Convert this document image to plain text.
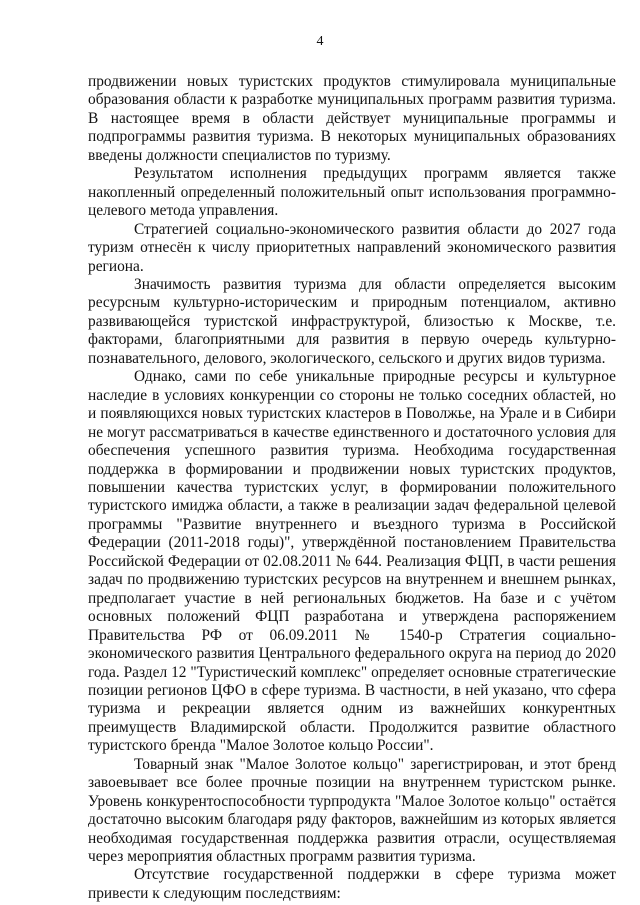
4

продвижении новых туристских продуктов стимулировала муниципальные образования области к разработке муниципальных программ развития туризма. В настоящее время в области действует муниципальные программы и подпрограммы развития туризма. В некоторых муниципальных образованиях введены должности специалистов по туризму.

Результатом исполнения предыдущих программ является также накопленный определенный положительный опыт использования программно-целевого метода управления.

Стратегией социально-экономического развития области до 2027 года туризм отнесён к числу приоритетных направлений экономического развития региона.

Значимость развития туризма для области определяется высоким ресурсным культурно-историческим и природным потенциалом, активно развивающейся туристской инфраструктурой, близостью к Москве, т.е. факторами, благоприятными для развития в первую очередь культурно-познавательного, делового, экологического, сельского и других видов туризма.

Однако, сами по себе уникальные природные ресурсы и культурное наследие в условиях конкуренции со стороны не только соседних областей, но и появляющихся новых туристских кластеров в Поволжье, на Урале и в Сибири не могут рассматриваться в качестве единственного и достаточного условия для обеспечения успешного развития туризма. Необходима государственная поддержка в формировании и продвижении новых туристских продуктов, повышении качества туристских услуг, в формировании положительного туристского имиджа области, а также в реализации задач федеральной целевой программы "Развитие внутреннего и въездного туризма в Российской Федерации (2011-2018 годы)", утверждённой постановлением Правительства Российской Федерации от 02.08.2011 № 644. Реализация ФЦП, в части решения задач по продвижению туристских ресурсов на внутреннем и внешнем рынках, предполагает участие в ней региональных бюджетов. На базе и с учётом основных положений ФЦП разработана и утверждена распоряжением Правительства РФ от 06.09.2011 № 1540-р Стратегия социально-экономического развития Центрального федерального округа на период до 2020 года. Раздел 12 "Туристический комплекс" определяет основные стратегические позиции регионов ЦФО в сфере туризма. В частности, в ней указано, что сфера туризма и рекреации является одним из важнейших конкурентных преимуществ Владимирской области. Продолжится развитие областного туристского бренда "Малое Золотое кольцо России".

Товарный знак "Малое Золотое кольцо" зарегистрирован, и этот бренд завоевывает все более прочные позиции на внутреннем туристском рынке. Уровень конкурентоспособности турпродукта "Малое Золотое кольцо" остаётся достаточно высоким благодаря ряду факторов, важнейшим из которых является необходимая государственная поддержка развития отрасли, осуществляемая через мероприятия областных программ развития туризма.

Отсутствие государственной поддержки в сфере туризма может привести к следующим последствиям:
